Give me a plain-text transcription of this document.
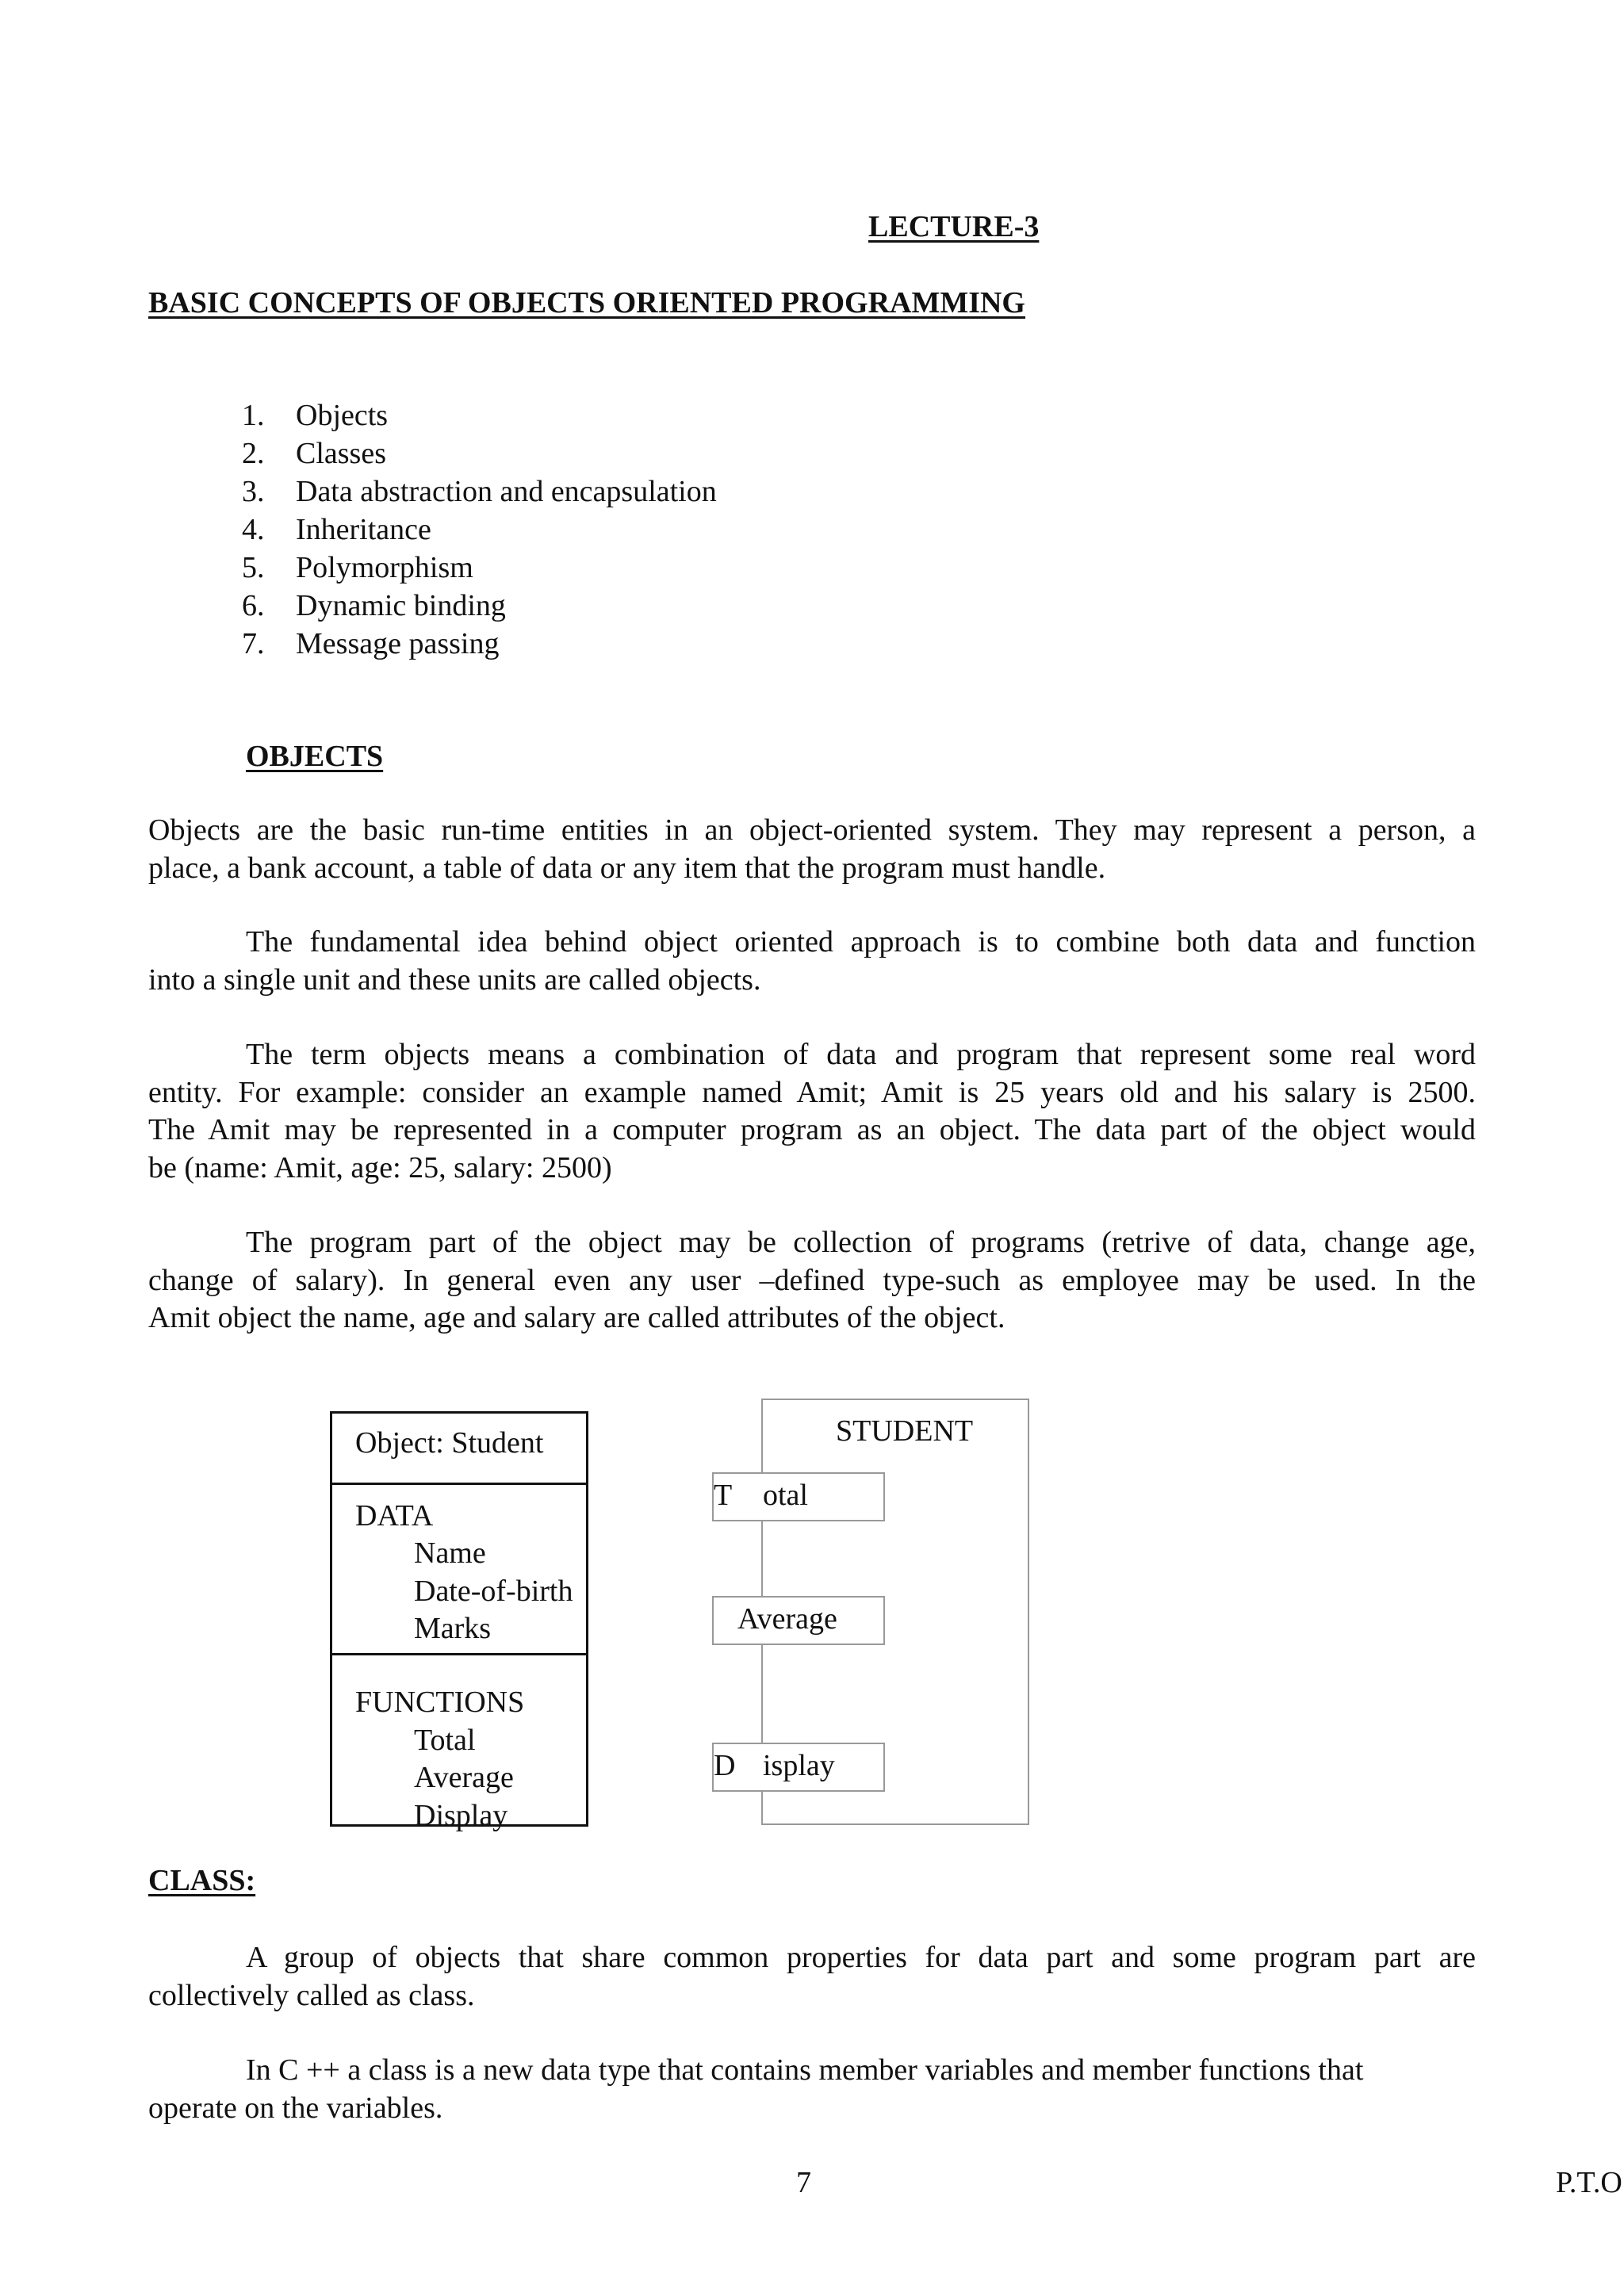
LECTURE-3
BASIC CONCEPTS OF OBJECTS ORIENTED PROGRAMMING
1. Objects
2. Classes
3. Data abstraction and encapsulation
4. Inheritance
5. Polymorphism
6. Dynamic binding
7. Message passing
OBJECTS
Objects are the basic run-time entities in an object-oriented system. They may represent a person, a
place, a bank account, a table of data or any item that the program must handle.
The fundamental idea behind object oriented approach is to combine both data and function
into a single unit and these units are called objects.
The term objects means a combination of data and program that represent some real word
entity. For example: consider an example named Amit; Amit is 25 years old and his salary is 2500.
The Amit may be represented in a computer program as an object. The data part of the object would
be (name: Amit, age: 25, salary: 2500)
The program part of the object may be collection of programs (retrive of data, change age,
change of salary). In general even any user –defined type-such as employee may be used. In the
Amit object the name, age and salary are called attributes of the object.
Object: Student
DATA
Name
Date-of-birth
Marks
FUNCTIONS
Total
Average
Display
STUDENT
T otal
Average
D isplay
CLASS:
A group of objects that share common properties for data part and some program part are
collectively called as class.
In C ++ a class is a new data type that contains member variables and member functions that
operate on the variables.
7	P.T.O
